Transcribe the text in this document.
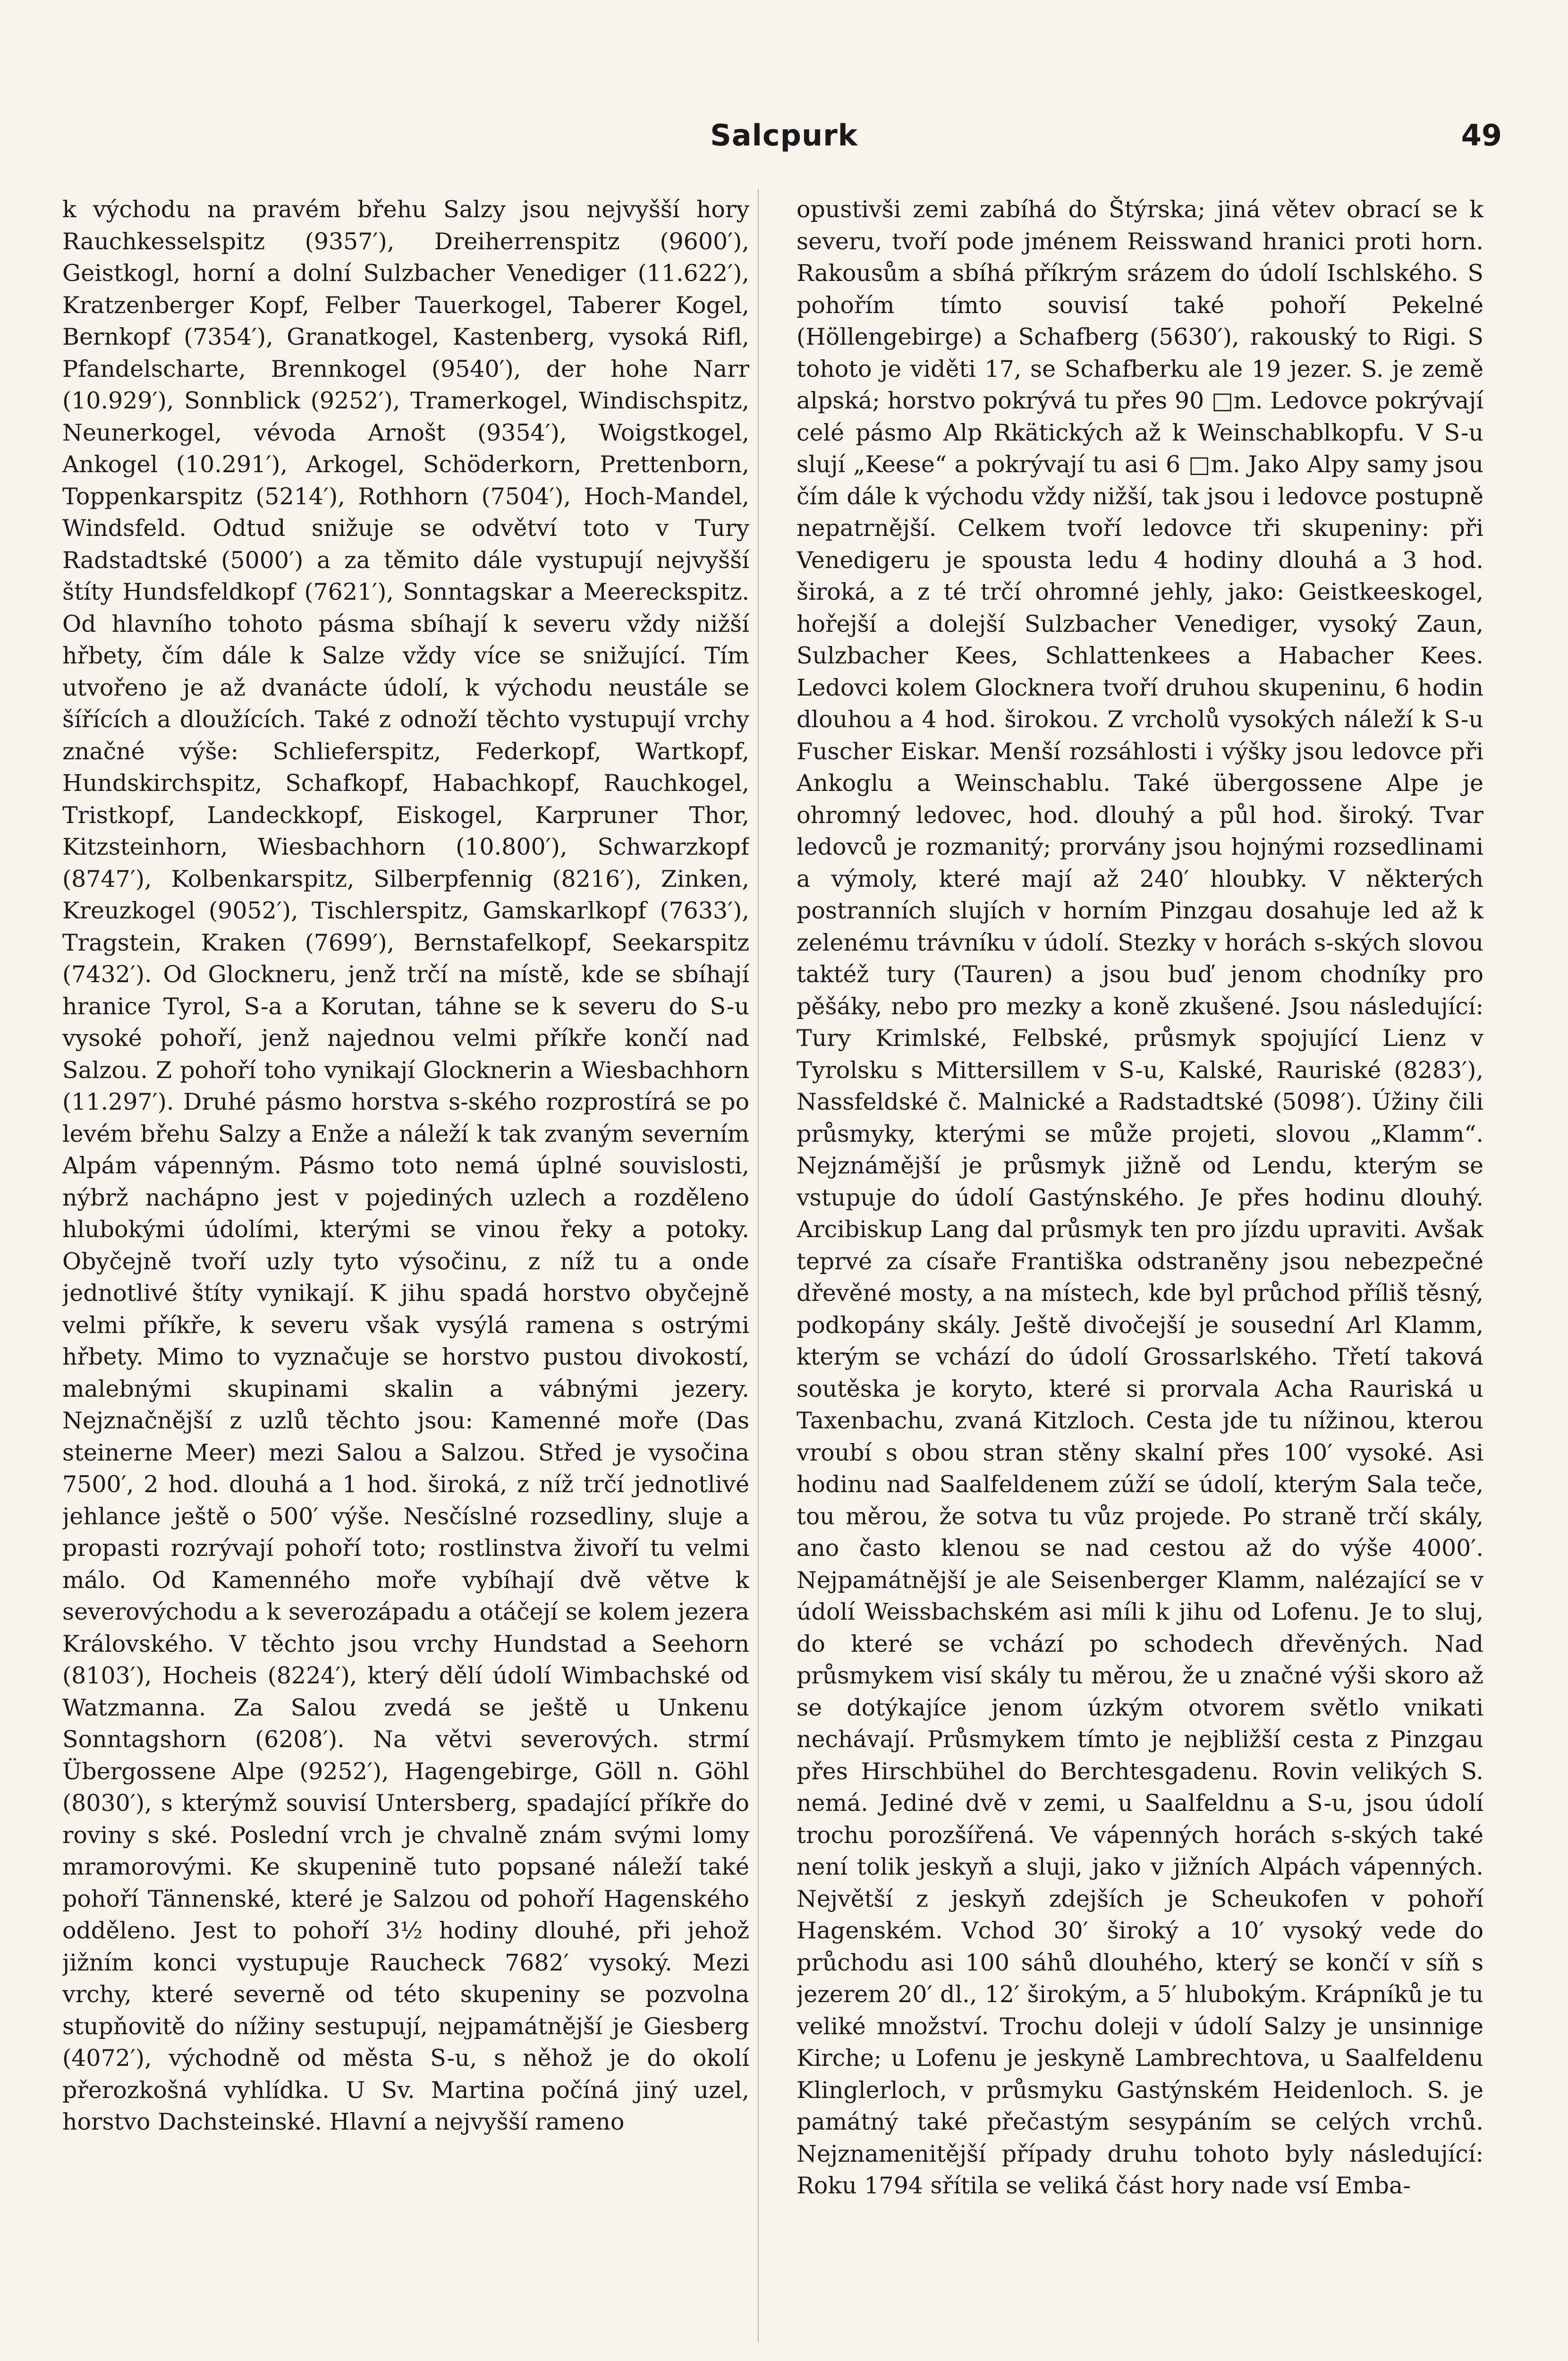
Salcpurk	49

k východu na pravém břehu Salzy jsou nejvyšší hory Rauchkesselspitz (9357′), Dreiherrenspitz (9600′), Geistkogl, horní a dolní Sulzbacher Venediger (11.622′), Kratzenberger Kopf, Felber Tauerkogel, Taberer Kogel, Bernkopf (7354′), Granatkogel, Kastenberg, vysoká Rifl, Pfandelscharte, Brennkogel (9540′), der hohe Narr (10.929′), Sonnblick (9252′), Tramerkogel, Windischspitz, Neunerkogel, vévoda Arnošt (9354′), Woigstkogel, Ankogel (10.291′), Arkogel, Schöderkorn, Prettenborn, Toppenkarspitz (5214′), Rothhorn (7504′), Hoch-Mandel, Windsfeld. Odtud snižuje se odvětví toto v Tury Radstadtské (5000′) a za těmito dále vystupují nejvyšší štíty Hundsfeldkopf (7621′), Sonntagskar a Meereckspitz. Od hlavního tohoto pásma sbíhají k severu vždy nižší hřbety, čím dále k Salze vždy více se snižující. Tím utvořeno je až dvanácte údolí, k východu neustále se šířících a dloužících. Také z odnoží těchto vystupují vrchy značné výše: Schlieferspitz, Federkopf, Wartkopf, Hundskirchspitz, Schafkopf, Habachkopf, Rauchkogel, Tristkopf, Landeckkopf, Eiskogel, Karpruner Thor, Kitzsteinhorn, Wiesbachhorn (10.800′), Schwarzkopf (8747′), Kolbenkarspitz, Silberpfennig (8216′), Zinken, Kreuzkogel (9052′), Tischlerspitz, Gamskarlkopf (7633′), Tragstein, Kraken (7699′), Bernstafelkopf, Seekarspitz (7432′). Od Glockneru, jenž trčí na místě, kde se sbíhají hranice Tyrol, S-a a Korutan, táhne se k severu do S-u vysoké pohoří, jenž najednou velmi příkře končí nad Salzou. Z pohoří toho vynikají Glocknerin a Wiesbachhorn (11.297′). Druhé pásmo horstva s-ského rozprostírá se po levém břehu Salzy a Enže a náleží k tak zvaným severním Alpám vápenným. Pásmo toto nemá úplné souvislosti, nýbrž nachápno jest v pojediných uzlech a rozděleno hlubokými údolími, kterými se vinou řeky a potoky. Obyčejně tvoří uzly tyto výsočinu, z níž tu a onde jednotlivé štíty vynikají. K jihu spadá horstvo obyčejně velmi příkře, k severu však vysýlá ramena s ostrými hřbety. Mimo to vyznačuje se horstvo pustou divokostí, malebnými skupinami skalin a vábnými jezery. Nejznačnější z uzlů těchto jsou: Kamenné moře (Das steinerne Meer) mezi Salou a Salzou. Střed je vysočina 7500′, 2 hod. dlouhá a 1 hod. široká, z níž trčí jednotlivé jehlance ještě o 500′ výše. Nesčíslné rozsedliny, sluje a propasti rozrývají pohoří toto; rostlinstva živoří tu velmi málo. Od Kamenného moře vybíhají dvě větve k severovýchodu a k severozápadu a otáčejí se kolem jezera Královského. V těchto jsou vrchy Hundstad a Seehorn (8103′), Hocheis (8224′), který dělí údolí Wimbachské od Watzmanna. Za Salou zvedá se ještě u Unkenu Sonntagshorn (6208′). Na větvi severových. strmí Übergossene Alpe (9252′), Hagengebirge, Göll n. Göhl (8030′), s kterýmž souvisí Untersberg, spadající příkře do roviny s ské. Poslední vrch je chvalně znám svými lomy mramorovými. Ke skupeninĕ tuto popsané náleží také pohoří Tännenské, které je Salzou od pohoří Hagenského odděleno. Jest to pohoří 3½ hodiny dlouhé, při jehož jižním konci vystupuje Raucheck 7682′ vysoký. Mezi vrchy, které severně od této skupeniny se pozvolna stupňovitě do nížiny sestupují, nejpamátnější je Giesberg (4072′), východně od města S-u, s něhož je do okolí přerozkošná vyhlídka. U Sv. Martina počíná jiný uzel, horstvo Dachsteinské. Hlavní a nejvyšší rameno

opustivši zemi zabíhá do Štýrska; jiná větev obrací se k severu, tvoří pode jménem Reisswand hranici proti horn. Rakousům a sbíhá příkrým srázem do údolí Ischlského. S pohořím tímto souvisí také pohoří Pekelné (Höllengebirge) a Schafberg (5630′), rakouský to Rigi. S tohoto je viděti 17, se Schafberku ale 19 jezer. S. je země alpská; horstvo pokrývá tu přes 90 □m. Ledovce pokrývají celé pásmo Alp Rkätických až k Weinschablkopfu. V S-u slují „Keese“ a pokrývají tu asi 6 □m. Jako Alpy samy jsou čím dále k východu vždy nižší, tak jsou i ledovce postupně nepatrnější. Celkem tvoří ledovce tři skupeniny: při Venedigeru je spousta ledu 4 hodiny dlouhá a 3 hod. široká, a z té trčí ohromné jehly, jako: Geistkeeskogel, hořejší a dolejší Sulzbacher Venediger, vysoký Zaun, Sulzbacher Kees, Schlattenkees a Habacher Kees. Ledovci kolem Glocknera tvoří druhou skupeninu, 6 hodin dlouhou a 4 hod. širokou. Z vrcholů vysokých náleží k S-u Fuscher Eiskar. Menší rozsáhlosti i výšky jsou ledovce při Ankoglu a Weinschablu. Také übergossene Alpe je ohromný ledovec, hod. dlouhý a půl hod. široký. Tvar ledovců je rozmanitý; prorvány jsou hojnými rozsedlinami a výmoly, které mají až 240′ hloubky. V některých postranních slujích v horním Pinzgau dosahuje led až k zelenému trávníku v údolí. Stezky v horách s-ských slovou taktéž tury (Tauren) a jsou buď jenom chodníky pro pěšáky, nebo pro mezky a koně zkušené. Jsou následující: Tury Krimlské, Felbské, průsmyk spojující Lienz v Tyrolsku s Mittersillem v S-u, Kalské, Rauriské (8283′), Nassfeldské č. Malnické a Radstadtské (5098′). Úžiny čili průsmyky, kterými se může projeti, slovou „Klamm“. Nejznámější je průsmyk jižně od Lendu, kterým se vstupuje do údolí Gastýnského. Je přes hodinu dlouhý. Arcibiskup Lang dal průsmyk ten pro jízdu upraviti. Avšak teprvé za císaře Františka odstraněny jsou nebezpečné dřevěné mosty, a na místech, kde byl průchod příliš těsný, podkopány skály. Ještě divočejší je sousední Arl Klamm, kterým se vchází do údolí Grossarlského. Třetí taková soutěska je koryto, které si prorvala Acha Rauriská u Taxenbachu, zvaná Kitzloch. Cesta jde tu nížinou, kterou vroubí s obou stran stěny skalní přes 100′ vysoké. Asi hodinu nad Saalfeldenem zúží se údolí, kterým Sala teče, tou měrou, že sotva tu vůz projede. Po straně trčí skály, ano často klenou se nad cestou až do výše 4000′. Nejpamátnější je ale Seisenberger Klamm, nalézající se v údolí Weissbachském asi míli k jihu od Lofenu. Je to sluj, do které se vchází po schodech dřevěných. Nad průsmykem visí skály tu měrou, že u značné výši skoro až se dotýkajíce jenom úzkým otvorem světlo vnikati nechávají. Průsmykem tímto je nejbližší cesta z Pinzgau přes Hirschbühel do Berchtesgadenu. Rovin velikých S. nemá. Jediné dvě v zemi, u Saalfeldnu a S-u, jsou údolí trochu porozšířená. Ve vápenných horách s-ských také není tolik jeskyň a sluji, jako v jižních Alpách vápenných. Největší z jeskyň zdejších je Scheukofen v pohoří Hagenském. Vchod 30′ široký a 10′ vysoký vede do průchodu asi 100 sáhů dlouhého, který se končí v síň s jezerem 20′ dl., 12′ širokým, a 5′ hlubokým. Krápníků je tu veliké množství. Trochu doleji v údolí Salzy je unsinnige Kirche; u Lofenu je jeskyně Lambrechtova, u Saalfeldenu Klinglerloch, v průsmyku Gastýnském Heidenloch. S. je památný také přečastým sesypáním se celých vrchů. Nejznamenitější případy druhu tohoto byly následující: Roku 1794 sřítila se veliká část hory nade vsí Emba-
